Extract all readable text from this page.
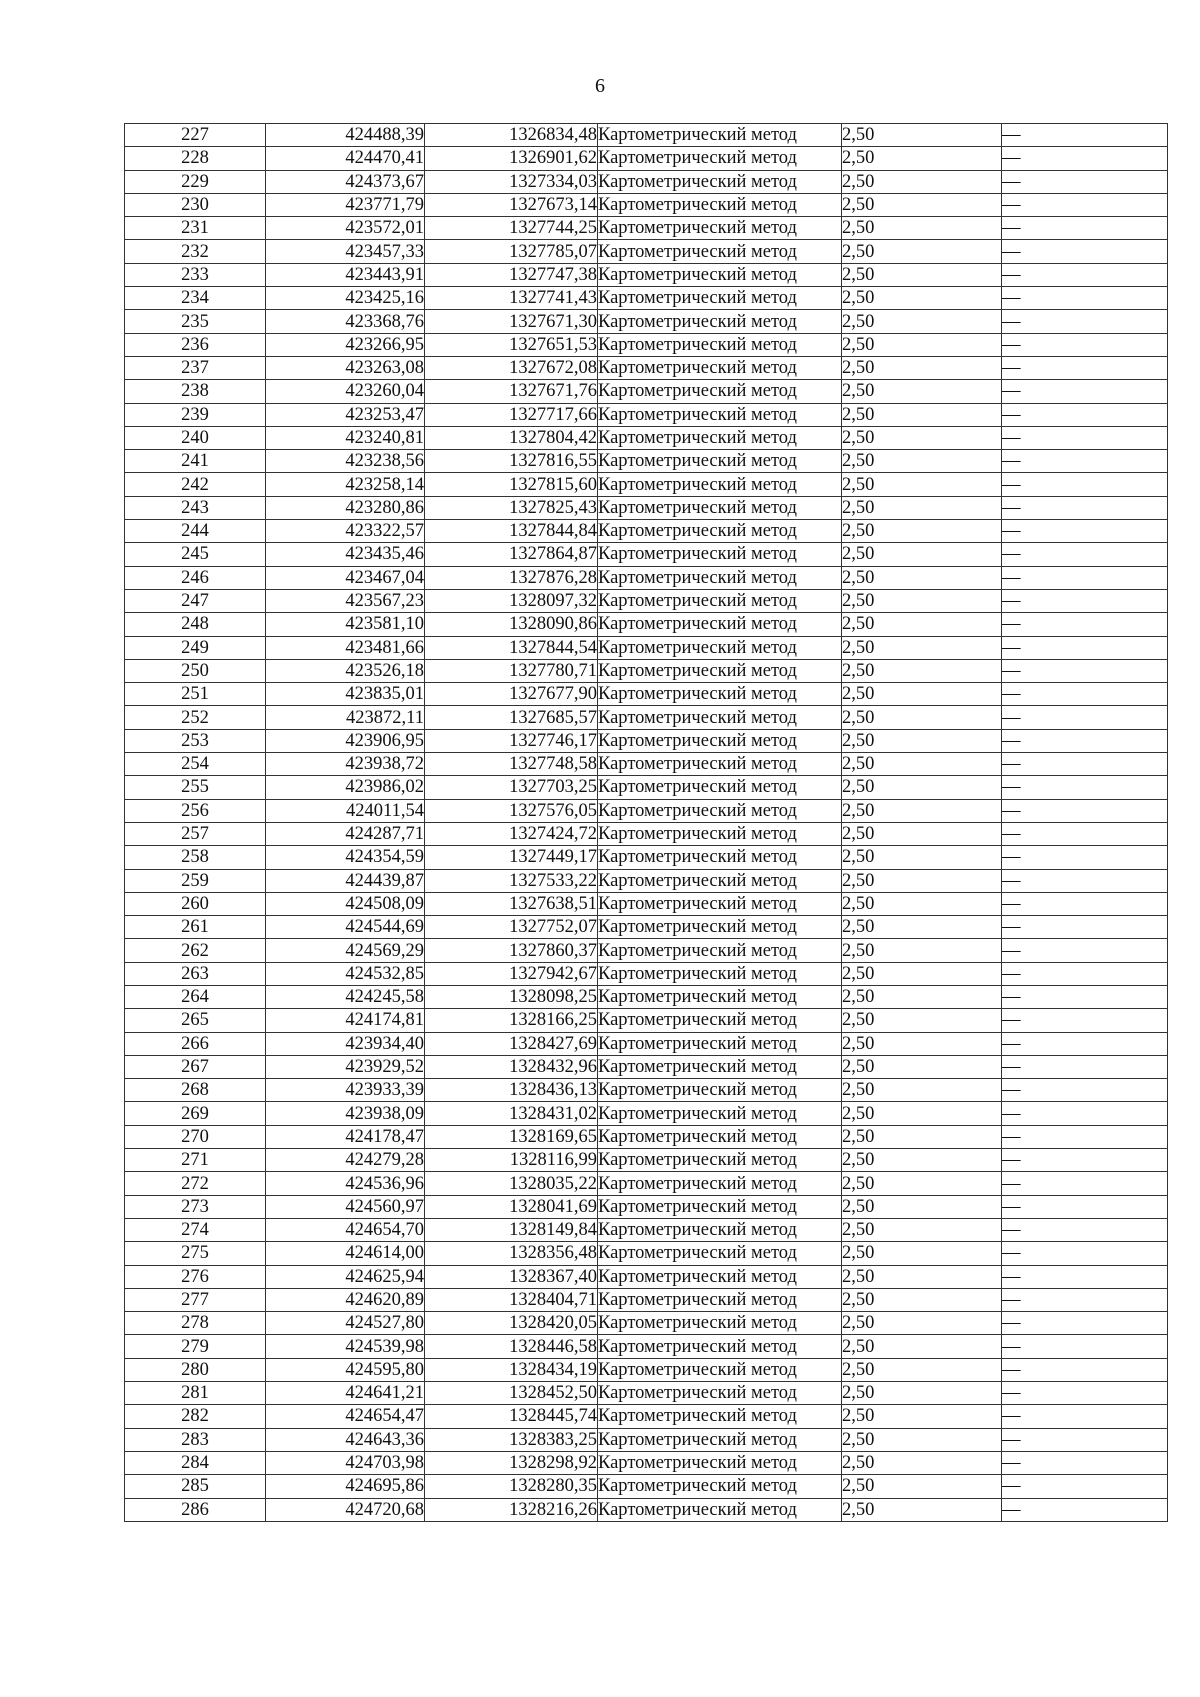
6
227	424488,39	1326834,48	Картометрический метод	2,50	—
228	424470,41	1326901,62	Картометрический метод	2,50	—
229	424373,67	1327334,03	Картометрический метод	2,50	—
230	423771,79	1327673,14	Картометрический метод	2,50	—
231	423572,01	1327744,25	Картометрический метод	2,50	—
232	423457,33	1327785,07	Картометрический метод	2,50	—
233	423443,91	1327747,38	Картометрический метод	2,50	—
234	423425,16	1327741,43	Картометрический метод	2,50	—
235	423368,76	1327671,30	Картометрический метод	2,50	—
236	423266,95	1327651,53	Картометрический метод	2,50	—
237	423263,08	1327672,08	Картометрический метод	2,50	—
238	423260,04	1327671,76	Картометрический метод	2,50	—
239	423253,47	1327717,66	Картометрический метод	2,50	—
240	423240,81	1327804,42	Картометрический метод	2,50	—
241	423238,56	1327816,55	Картометрический метод	2,50	—
242	423258,14	1327815,60	Картометрический метод	2,50	—
243	423280,86	1327825,43	Картометрический метод	2,50	—
244	423322,57	1327844,84	Картометрический метод	2,50	—
245	423435,46	1327864,87	Картометрический метод	2,50	—
246	423467,04	1327876,28	Картометрический метод	2,50	—
247	423567,23	1328097,32	Картометрический метод	2,50	—
248	423581,10	1328090,86	Картометрический метод	2,50	—
249	423481,66	1327844,54	Картометрический метод	2,50	—
250	423526,18	1327780,71	Картометрический метод	2,50	—
251	423835,01	1327677,90	Картометрический метод	2,50	—
252	423872,11	1327685,57	Картометрический метод	2,50	—
253	423906,95	1327746,17	Картометрический метод	2,50	—
254	423938,72	1327748,58	Картометрический метод	2,50	—
255	423986,02	1327703,25	Картометрический метод	2,50	—
256	424011,54	1327576,05	Картометрический метод	2,50	—
257	424287,71	1327424,72	Картометрический метод	2,50	—
258	424354,59	1327449,17	Картометрический метод	2,50	—
259	424439,87	1327533,22	Картометрический метод	2,50	—
260	424508,09	1327638,51	Картометрический метод	2,50	—
261	424544,69	1327752,07	Картометрический метод	2,50	—
262	424569,29	1327860,37	Картометрический метод	2,50	—
263	424532,85	1327942,67	Картометрический метод	2,50	—
264	424245,58	1328098,25	Картометрический метод	2,50	—
265	424174,81	1328166,25	Картометрический метод	2,50	—
266	423934,40	1328427,69	Картометрический метод	2,50	—
267	423929,52	1328432,96	Картометрический метод	2,50	—
268	423933,39	1328436,13	Картометрический метод	2,50	—
269	423938,09	1328431,02	Картометрический метод	2,50	—
270	424178,47	1328169,65	Картометрический метод	2,50	—
271	424279,28	1328116,99	Картометрический метод	2,50	—
272	424536,96	1328035,22	Картометрический метод	2,50	—
273	424560,97	1328041,69	Картометрический метод	2,50	—
274	424654,70	1328149,84	Картометрический метод	2,50	—
275	424614,00	1328356,48	Картометрический метод	2,50	—
276	424625,94	1328367,40	Картометрический метод	2,50	—
277	424620,89	1328404,71	Картометрический метод	2,50	—
278	424527,80	1328420,05	Картометрический метод	2,50	—
279	424539,98	1328446,58	Картометрический метод	2,50	—
280	424595,80	1328434,19	Картометрический метод	2,50	—
281	424641,21	1328452,50	Картометрический метод	2,50	—
282	424654,47	1328445,74	Картометрический метод	2,50	—
283	424643,36	1328383,25	Картометрический метод	2,50	—
284	424703,98	1328298,92	Картометрический метод	2,50	—
285	424695,86	1328280,35	Картометрический метод	2,50	—
286	424720,68	1328216,26	Картометрический метод	2,50	—
